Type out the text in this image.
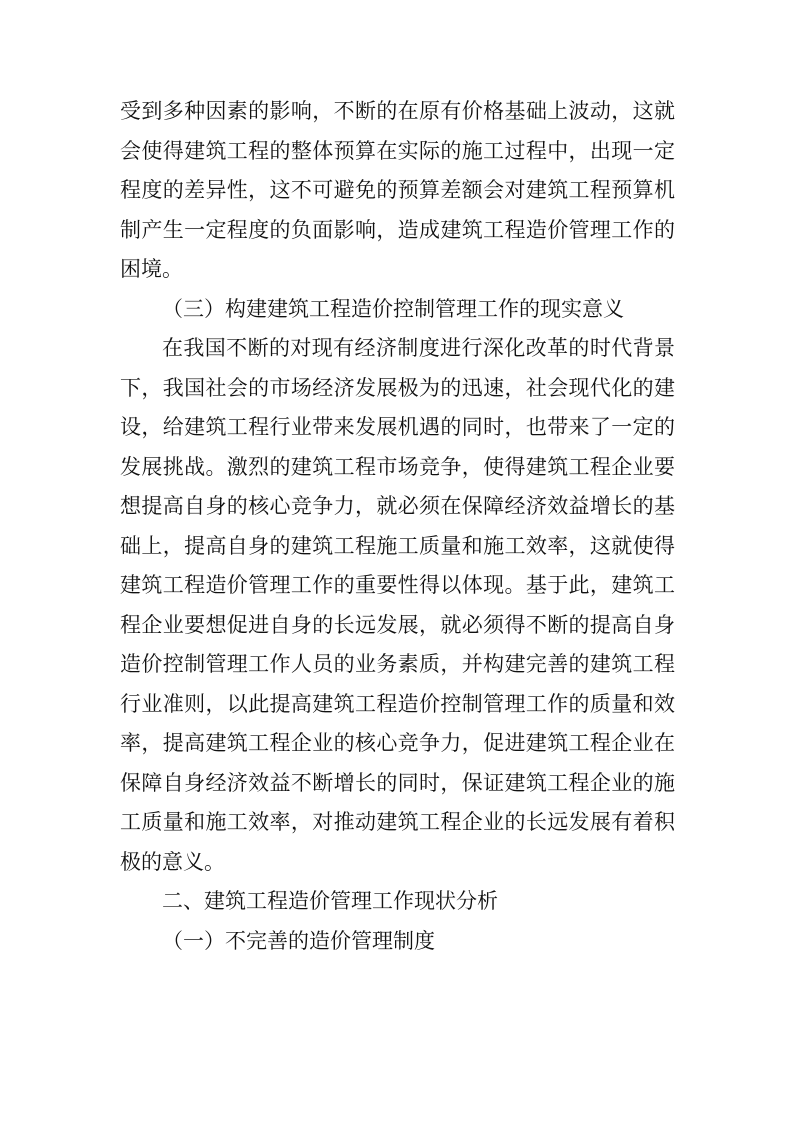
受到多种因素的影响，不断的在原有价格基础上波动，这就会使得建筑工程的整体预算在实际的施工过程中，出现一定程度的差异性，这不可避免的预算差额会对建筑工程预算机制产生一定程度的负面影响，造成建筑工程造价管理工作的困境。

（三）构建建筑工程造价控制管理工作的现实意义

在我国不断的对现有经济制度进行深化改革的时代背景下，我国社会的市场经济发展极为的迅速，社会现代化的建设，给建筑工程行业带来发展机遇的同时，也带来了一定的发展挑战。激烈的建筑工程市场竞争，使得建筑工程企业要想提高自身的核心竞争力，就必须在保障经济效益增长的基础上，提高自身的建筑工程施工质量和施工效率，这就使得建筑工程造价管理工作的重要性得以体现。基于此，建筑工程企业要想促进自身的长远发展，就必须得不断的提高自身造价控制管理工作人员的业务素质，并构建完善的建筑工程行业准则，以此提高建筑工程造价控制管理工作的质量和效率，提高建筑工程企业的核心竞争力，促进建筑工程企业在保障自身经济效益不断增长的同时，保证建筑工程企业的施工质量和施工效率，对推动建筑工程企业的长远发展有着积极的意义。

二、建筑工程造价管理工作现状分析

（一）不完善的造价管理制度
